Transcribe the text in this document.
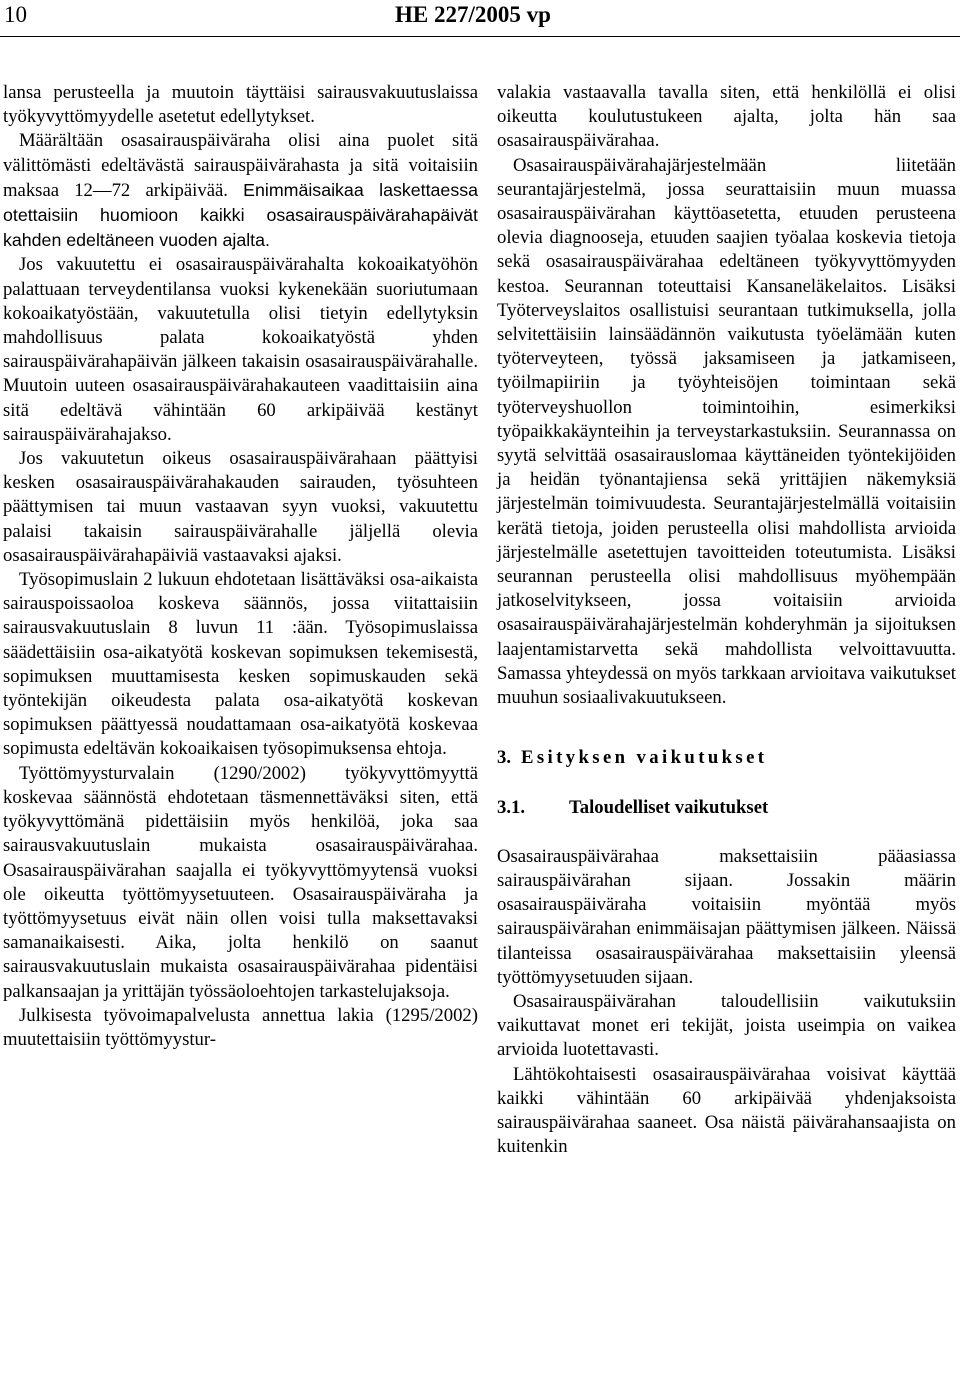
10	HE 227/2005 vp

lansa perusteella ja muutoin täyttäisi sairausvakuutuslaissa työkyvyttömyydelle asetetut edellytykset.

Määrältään osasairauspäiväraha olisi aina puolet sitä välittömästi edeltävästä sairauspäivärahasta ja sitä voitaisiin maksaa 12—72 arkipäivää. Enimmäisaikaa laskettaessa otettaisiin huomioon kaikki osasairauspäivärahapäivät kahden edeltäneen vuoden ajalta.

Jos vakuutettu ei osasairauspäivärahalta kokoaikatyöhön palattuaan terveydentilansa vuoksi kykenekään suoriutumaan kokoaikatyöstään, vakuutetulla olisi tietyin edellytyksin mahdollisuus palata kokoaikatyöstä yhden sairauspäivärahapäivän jälkeen takaisin osasairauspäivärahalle. Muutoin uuteen osasairauspäivärahakauteen vaadittaisiin aina sitä edeltävä vähintään 60 arkipäivää kestänyt sairauspäivärahajakso.

Jos vakuutetun oikeus osasairauspäivärahaan päättyisi kesken osasairauspäivärahakauden sairauden, työsuhteen päättymisen tai muun vastaavan syyn vuoksi, vakuutettu palaisi takaisin sairauspäivärahalle jäljellä olevia osasairauspäivärahapäiviä vastaavaksi ajaksi.

Työsopimuslain 2 lukuun ehdotetaan lisättäväksi osa-aikaista sairauspoissaoloa koskeva säännös, jossa viitattaisiin sairausvakuutuslain 8 luvun 11 :ään. Työsopimuslaissa säädettäisiin osa-aikatyötä koskevan sopimuksen tekemisestä, sopimuksen muuttamisesta kesken sopimuskauden sekä työntekijän oikeudesta palata osa-aikatyötä koskevan sopimuksen päättyessä noudattamaan osa-aikatyötä koskevaa sopimusta edeltävän kokoaikaisen työsopimuksensa ehtoja.

Työttömyysturvalain (1290/2002) työkyvyttömyyttä koskevaa säännöstä ehdotetaan täsmennettäväksi siten, että työkyvyttömänä pidettäisiin myös henkilöä, joka saa sairausvakuutuslain mukaista osasairauspäivärahaa. Osasairauspäivärahan saajalla ei työkyvyttömyytensä vuoksi ole oikeutta työttömyysetuuteen. Osasairauspäiväraha ja työttömyysetuus eivät näin ollen voisi tulla maksettavaksi samanaikaisesti. Aika, jolta henkilö on saanut sairausvakuutuslain mukaista osasairauspäivärahaa pidentäisi palkansaajan ja yrittäjän työssäoloehtojen tarkastelujaksoja.

Julkisesta työvoimapalvelusta annettua lakia (1295/2002) muutettaisiin työttömyystur-

valakia vastaavalla tavalla siten, että henkilöllä ei olisi oikeutta koulutustukeen ajalta, jolta hän saa osasairauspäivärahaa.

Osasairauspäivärahajärjestelmään liitetään seurantajärjestelmä, jossa seurattaisiin muun muassa osasairauspäivärahan käyttöasetetta, etuuden perusteena olevia diagnooseja, etuuden saajien työalaa koskevia tietoja sekä osasairauspäivärahaa edeltäneen työkyvyttömyyden kestoa. Seurannan toteuttaisi Kansaneläkelaitos. Lisäksi Työterveyslaitos osallistuisi seurantaan tutkimuksella, jolla selvitettäisiin lainsäädännön vaikutusta työelämään kuten työterveyteen, työssä jaksamiseen ja jatkamiseen, työilmapiiriin ja työyhteisöjen toimintaan sekä työterveyshuollon toimintoihin, esimerkiksi työpaikkakäynteihin ja terveystarkastuksiin. Seurannassa on syytä selvittää osasairauslomaa käyttäneiden työntekijöiden ja heidän työnantajiensa sekä yrittäjien näkemyksiä järjestelmän toimivuudesta. Seurantajärjestelmällä voitaisiin kerätä tietoja, joiden perusteella olisi mahdollista arvioida järjestelmälle asetettujen tavoitteiden toteutumista. Lisäksi seurannan perusteella olisi mahdollisuus myöhempään jatkoselvitykseen, jossa voitaisiin arvioida osasairauspäivärahajärjestelmän kohderyhmän ja sijoituksen laajentamistarvetta sekä mahdollista velvoittavuutta. Samassa yhteydessä on myös tarkkaan arvioitava vaikutukset muuhun sosiaalivakuutukseen.

3. Esityksen vaikutukset
3.1. Taloudelliset vaikutukset

Osasairauspäivärahaa maksettaisiin pääasiassa sairauspäivärahan sijaan. Jossakin määrin osasairauspäiväraha voitaisiin myöntää myös sairauspäivärahan enimmäisajan päättymisen jälkeen. Näissä tilanteissa osasairauspäivärahaa maksettaisiin yleensä työttömyysetuuden sijaan.

Osasairauspäivärahan taloudellisiin vaikutuksiin vaikuttavat monet eri tekijät, joista useimpia on vaikea arvioida luotettavasti.

Lähtökohtaisesti osasairauspäivärahaa voisivat käyttää kaikki vähintään 60 arkipäivää yhdenjaksoista sairauspäivärahaa saaneet. Osa näistä päivärahansaajista on kuitenkin
